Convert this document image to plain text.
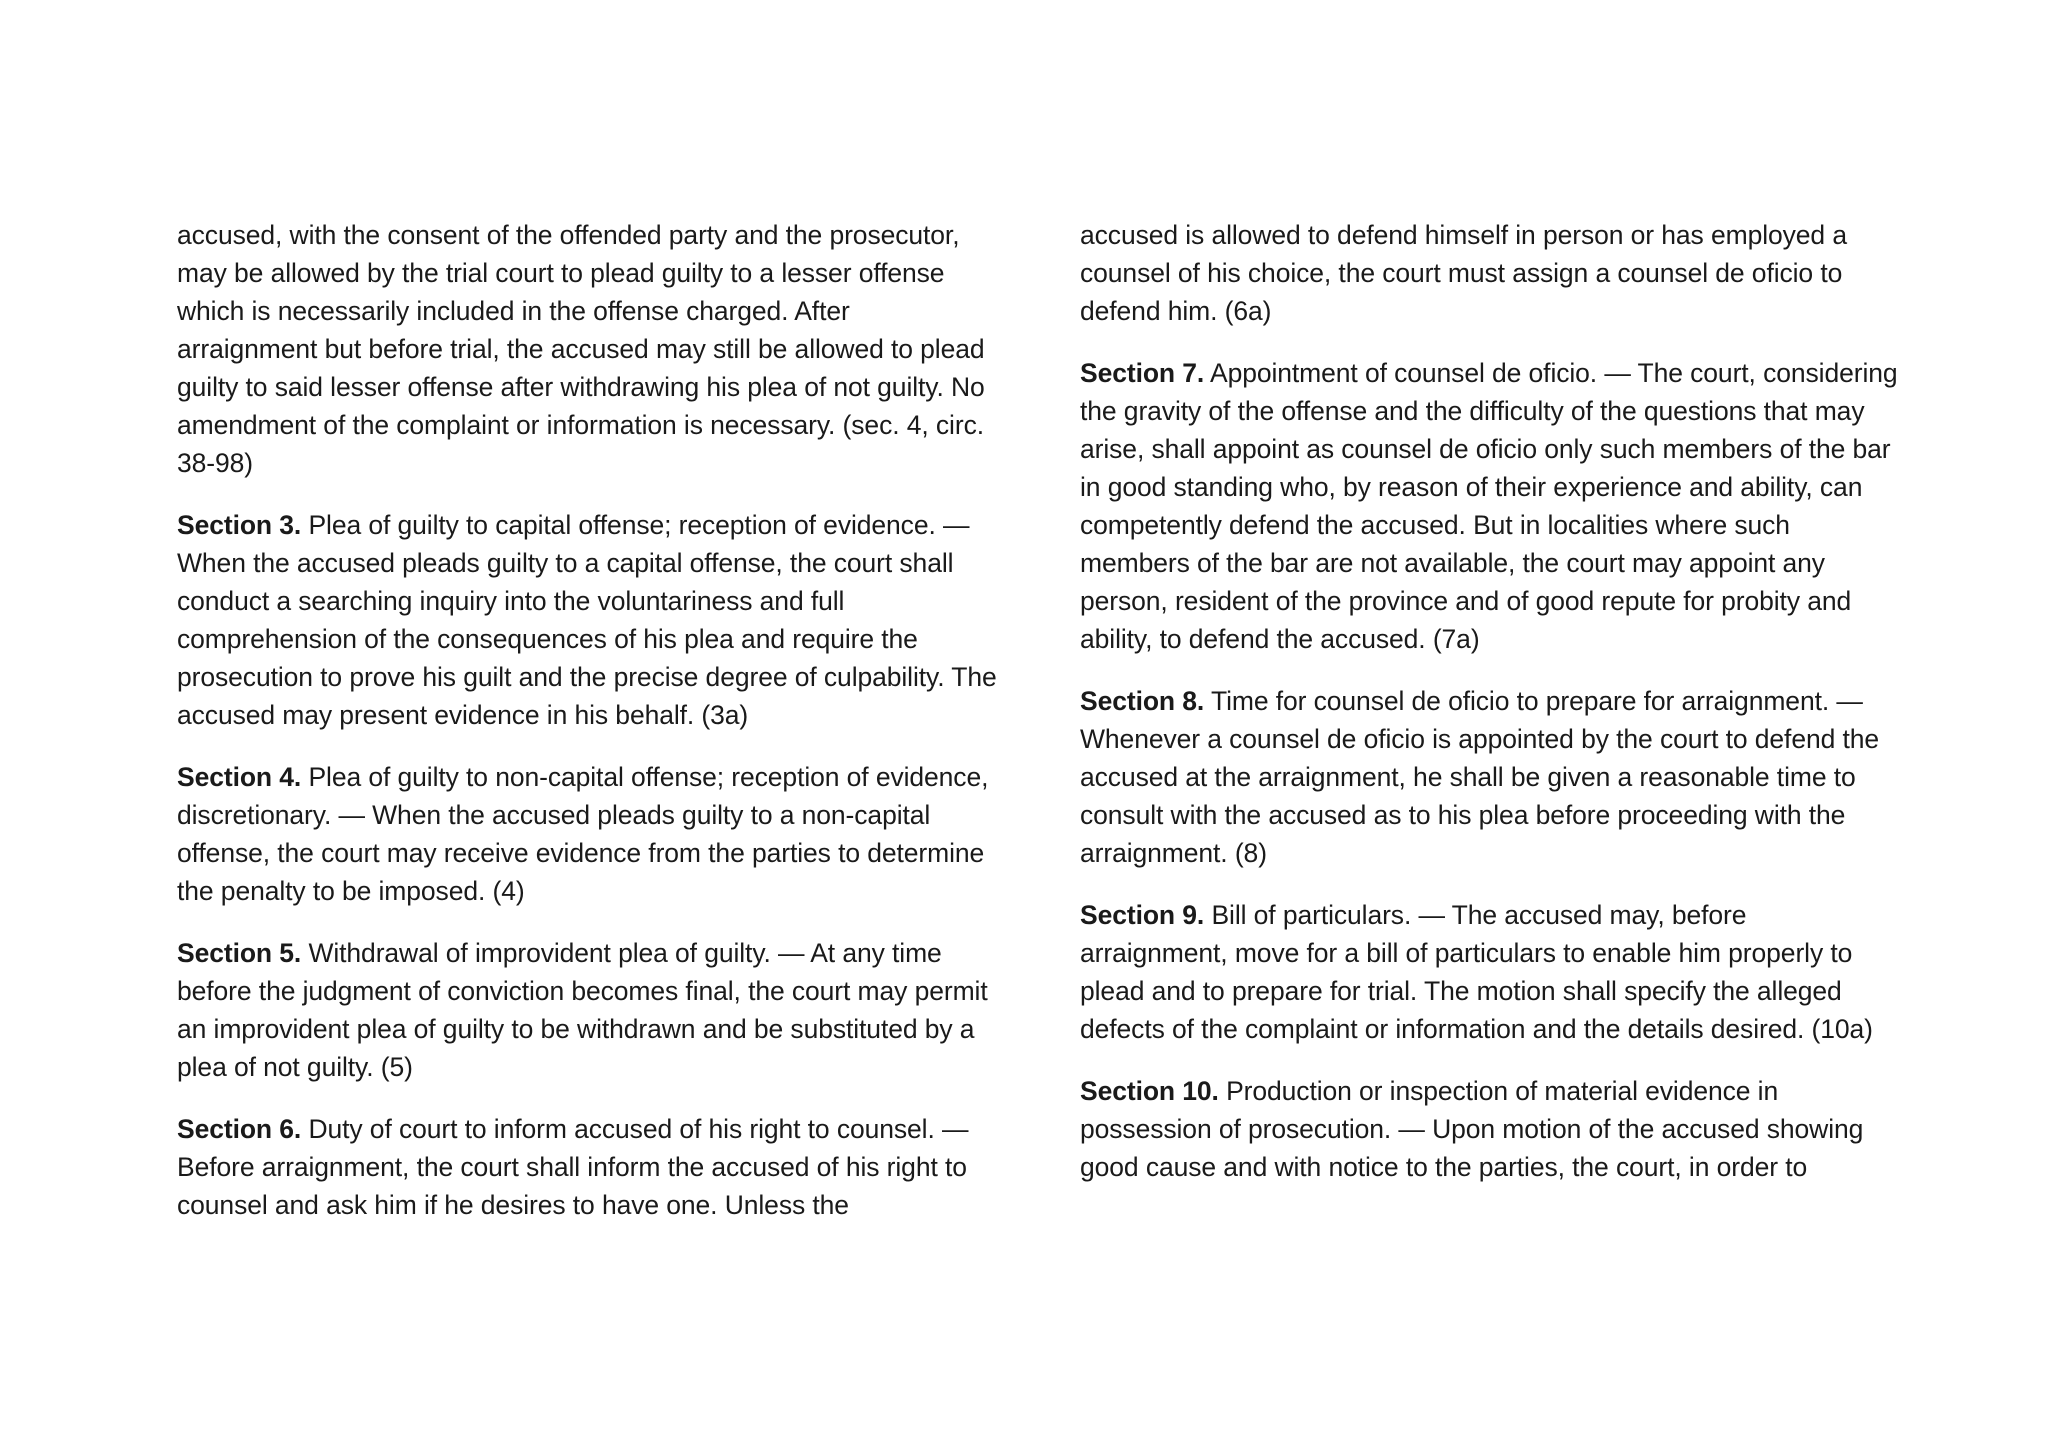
accused, with the consent of the offended party and the prosecutor, may be allowed by the trial court to plead guilty to a lesser offense which is necessarily included in the offense charged. After arraignment but before trial, the accused may still be allowed to plead guilty to said lesser offense after withdrawing his plea of not guilty. No amendment of the complaint or information is necessary. (sec. 4, circ. 38-98)

Section 3. Plea of guilty to capital offense; reception of evidence. — When the accused pleads guilty to a capital offense, the court shall conduct a searching inquiry into the voluntariness and full comprehension of the consequences of his plea and require the prosecution to prove his guilt and the precise degree of culpability. The accused may present evidence in his behalf. (3a)

Section 4. Plea of guilty to non-capital offense; reception of evidence, discretionary. — When the accused pleads guilty to a non-capital offense, the court may receive evidence from the parties to determine the penalty to be imposed. (4)

Section 5. Withdrawal of improvident plea of guilty. — At any time before the judgment of conviction becomes final, the court may permit an improvident plea of guilty to be withdrawn and be substituted by a plea of not guilty. (5)

Section 6. Duty of court to inform accused of his right to counsel. — Before arraignment, the court shall inform the accused of his right to counsel and ask him if he desires to have one. Unless the

accused is allowed to defend himself in person or has employed a counsel of his choice, the court must assign a counsel de oficio to defend him. (6a)

Section 7. Appointment of counsel de oficio. — The court, considering the gravity of the offense and the difficulty of the questions that may arise, shall appoint as counsel de oficio only such members of the bar in good standing who, by reason of their experience and ability, can competently defend the accused. But in localities where such members of the bar are not available, the court may appoint any person, resident of the province and of good repute for probity and ability, to defend the accused. (7a)

Section 8. Time for counsel de oficio to prepare for arraignment. — Whenever a counsel de oficio is appointed by the court to defend the accused at the arraignment, he shall be given a reasonable time to consult with the accused as to his plea before proceeding with the arraignment. (8)

Section 9. Bill of particulars. — The accused may, before arraignment, move for a bill of particulars to enable him properly to plead and to prepare for trial. The motion shall specify the alleged defects of the complaint or information and the details desired. (10a)

Section 10. Production or inspection of material evidence in possession of prosecution. — Upon motion of the accused showing good cause and with notice to the parties, the court, in order to
